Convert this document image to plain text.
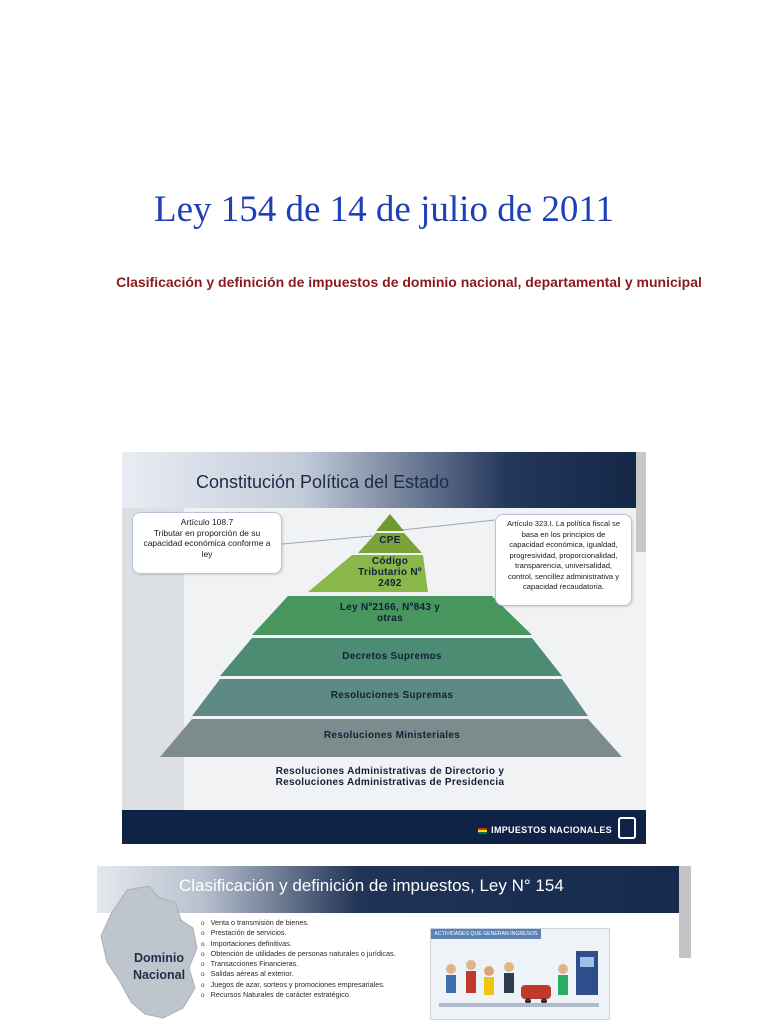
Ley 154 de 14 de julio de 2011
Clasificación y definición de impuestos de dominio nacional, departamental y municipal
Constitución Política del Estado
Artículo 108.7
Tributar en proporción de su
capacidad económica conforme a
ley
Artículo 323.I. La política fiscal se
basa en los principios de
capacidad económica, igualdad,
progresividad, proporcionalidad,
transparencia, universalidad,
control, sencillez administrativa y
capacidad recaudatoria.
CPE
Código
Tributario Nº
2492
Ley Nº2166, Nº843 y
otras
Decretos Supremos
Resoluciones Supremas
Resoluciones Ministeriales
Resoluciones Administrativas de Directorio y
Resoluciones Administrativas de Presidencia
IMPUESTOS NACIONALES
Clasificación y definición de impuestos, Ley N° 154
Dominio
Nacional
o Venta o transmisión de bienes.
o Prestación de servicios.
o Importaciones definitivas.
o Obtención de utilidades de personas naturales o jurídicas.
o Transacciones Financieras.
o Salidas aéreas al exterior.
o Juegos de azar, sorteos y promociones empresariales.
o Recursos Naturales de carácter estratégico.
ACTIVIDADES QUE GENERAN INGRESOS
